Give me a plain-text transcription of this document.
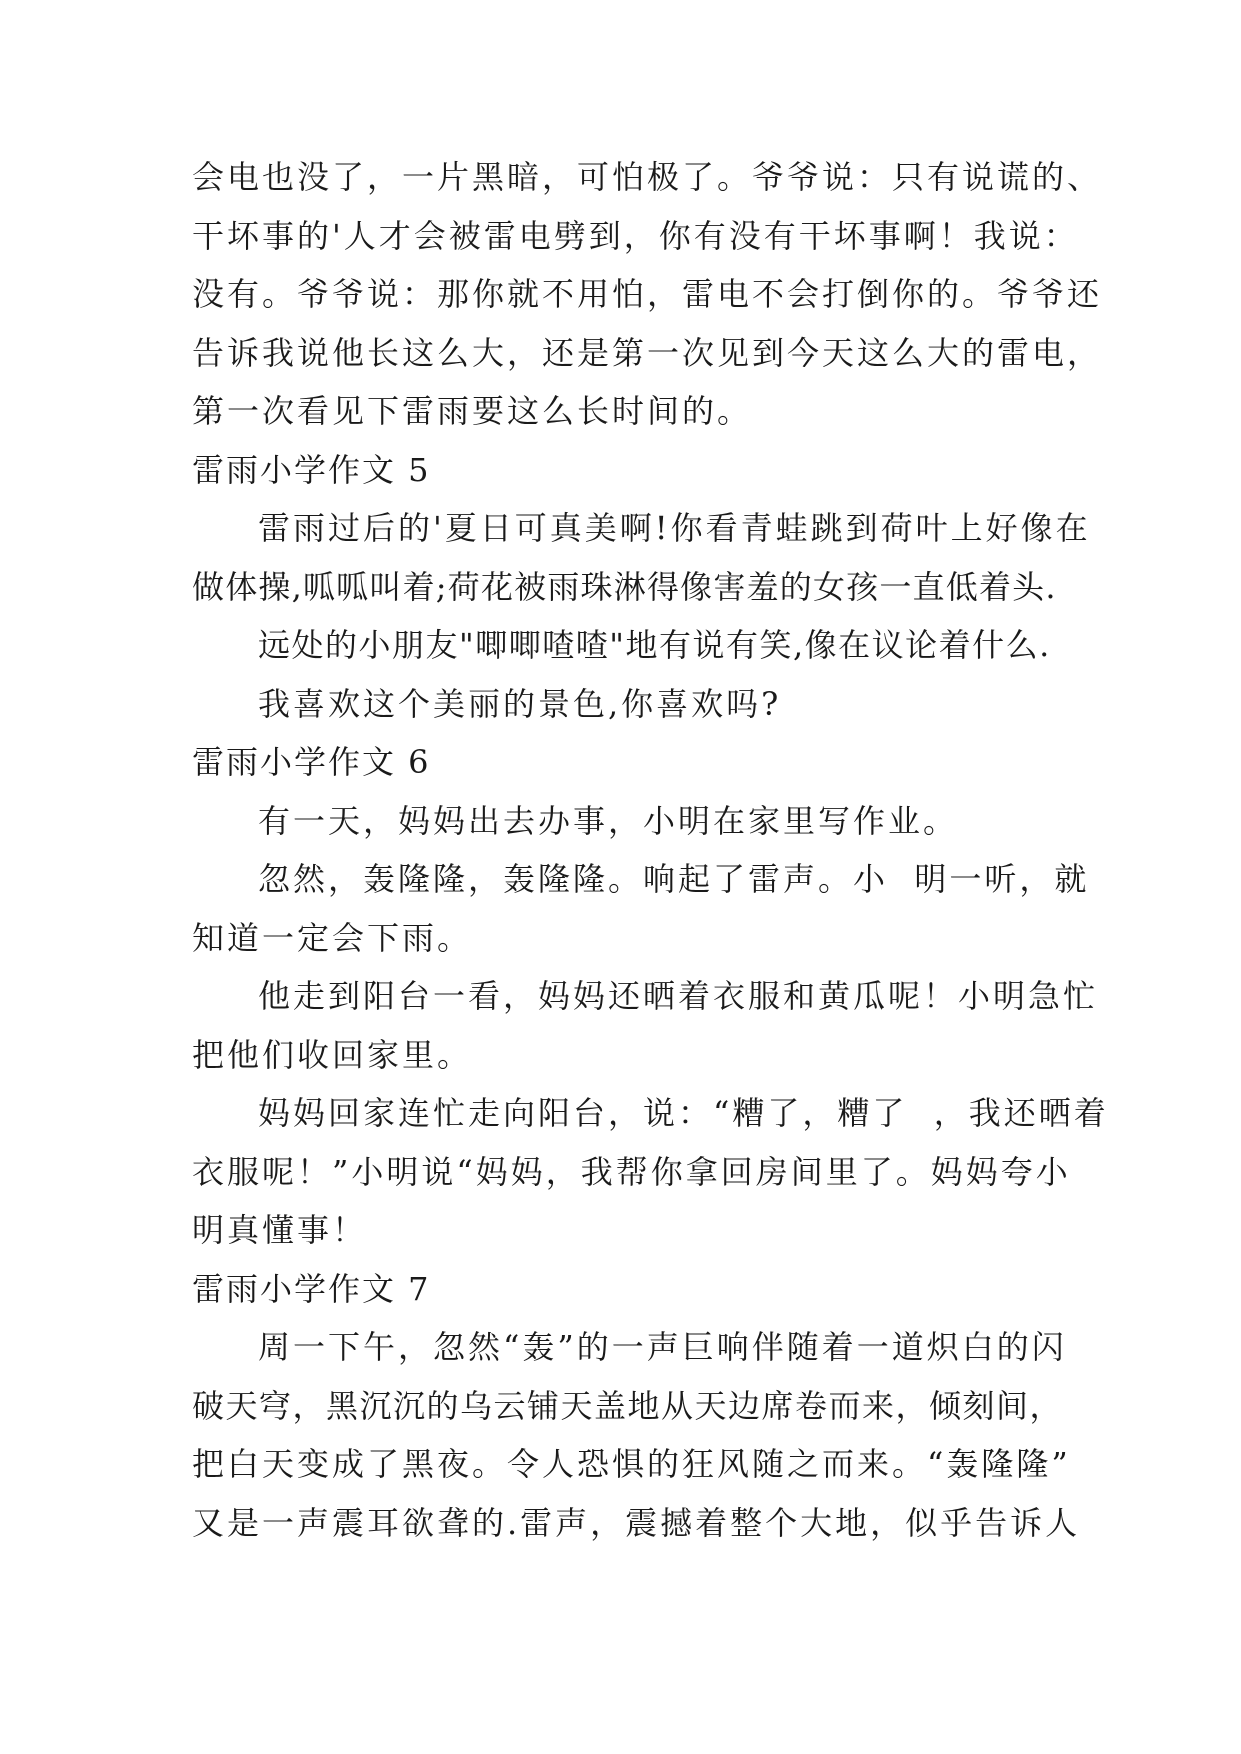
会电也没了，一片黑暗，可怕极了。爷爷说：只有说谎的、
干坏事的'人才会被雷电劈到，你有没有干坏事啊！我说：
没有。爷爷说：那你就不用怕，雷电不会打倒你的。爷爷还
告诉我说他长这么大，还是第一次见到今天这么大的雷电，
第一次看见下雷雨要这么长时间的。
雷雨小学作文 5
雷雨过后的'夏日可真美啊!你看青蛙跳到荷叶上好像在
做体操,呱呱叫着;荷花被雨珠淋得像害羞的女孩一直低着头.
远处的小朋友"唧唧喳喳"地有说有笑,像在议论着什么.
我喜欢这个美丽的景色,你喜欢吗?
雷雨小学作文 6
有一天，妈妈出去办事，小明在家里写作业。
忽然，轰隆隆，轰隆隆。响起了雷声。小  明一听，就
知道一定会下雨。
他走到阳台一看，妈妈还晒着衣服和黄瓜呢！小明急忙
把他们收回家里。
妈妈回家连忙走向阳台，说：“糟了，糟了  ，我还晒着
衣服呢！”小明说“妈妈，我帮你拿回房间里了。妈妈夸小
明真懂事！
雷雨小学作文 7
周一下午，忽然“轰”的一声巨响伴随着一道炽白的闪
破天穹，黑沉沉的乌云铺天盖地从天边席卷而来，倾刻间，
把白天变成了黑夜。令人恐惧的狂风随之而来。“轰隆隆”
又是一声震耳欲聋的.雷声，震撼着整个大地，似乎告诉人
